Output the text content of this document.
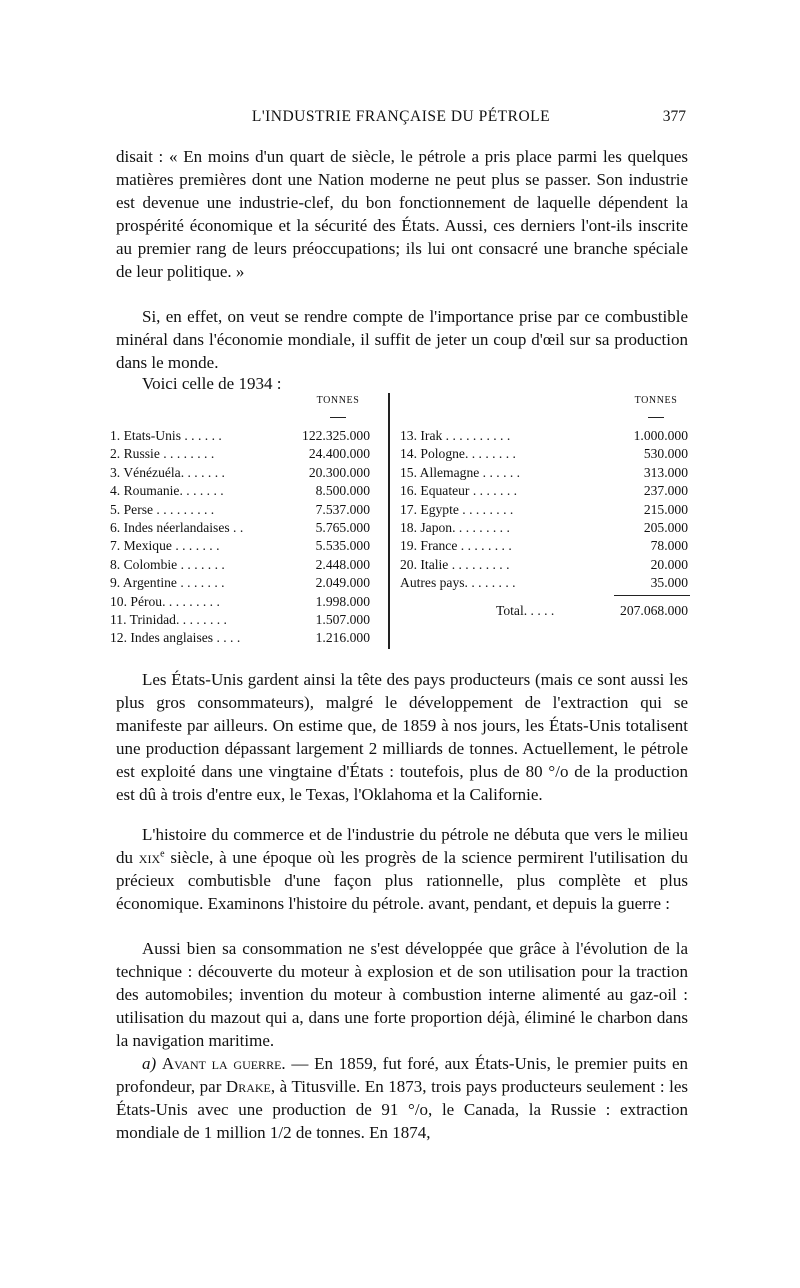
L'INDUSTRIE FRANÇAISE DU PÉTROLE	377

disait : « En moins d'un quart de siècle, le pétrole a pris place parmi les quelques matières premières dont une Nation moderne ne peut plus se passer. Son industrie est devenue une industrie-clef, du bon fonctionnement de laquelle dépendent la prospérité économique et la sécurité des États. Aussi, ces derniers l'ont-ils inscrite au premier rang de leurs préoccupations; ils lui ont consacré une branche spéciale de leur politique. »

Si, en effet, on veut se rendre compte de l'importance prise par ce combustible minéral dans l'économie mondiale, il suffit de jeter un coup d'œil sur sa production dans le monde.

Voici celle de 1934 :

TONNES
1. Etats-Unis . . . . . .	122.325.000
2. Russie . . . . . . . .	24.400.000
3. Vénézuéla. . . . . . .	20.300.000
4. Roumanie. . . . . . .	8.500.000
5. Perse . . . . . . . . .	7.537.000
6. Indes néerlandaises . .	5.765.000
7. Mexique . . . . . . .	5.535.000
8. Colombie . . . . . . .	2.448.000
9. Argentine . . . . . . .	2.049.000
10. Pérou. . . . . . . . .	1.998.000
11. Trinidad. . . . . . . .	1.507.000
12. Indes anglaises . . . .	1.216.000
TONNES
13. Irak . . . . . . . . . .	1.000.000
14. Pologne. . . . . . . .	530.000
15. Allemagne . . . . . .	313.000
16. Equateur . . . . . . .	237.000
17. Egypte . . . . . . . .	215.000
18. Japon. . . . . . . . .	205.000
19. France . . . . . . . .	78.000
20. Italie . . . . . . . . .	20.000
Autres pays. . . . . . . .	35.000
Total. . . . .	207.068.000

Les États-Unis gardent ainsi la tête des pays producteurs (mais ce sont aussi les plus gros consommateurs), malgré le développement de l'extraction qui se manifeste par ailleurs. On estime que, de 1859 à nos jours, les États-Unis totalisent une production dépassant largement 2 milliards de tonnes. Actuellement, le pétrole est exploité dans une vingtaine d'États : toutefois, plus de 80 °/o de la production est dû à trois d'entre eux, le Texas, l'Oklahoma et la Californie.

L'histoire du commerce et de l'industrie du pétrole ne débuta que vers le milieu du xix$^e$ siècle, à une époque où les progrès de la science permirent l'utilisation du précieux combutisble d'une façon plus rationnelle, plus complète et plus économique. Examinons l'histoire du pétrole. avant, pendant, et depuis la guerre :

Aussi bien sa consommation ne s'est développée que grâce à l'évolution de la technique : découverte du moteur à explosion et de son utilisation pour la traction des automobiles; invention du moteur à combustion interne alimenté au gaz-oil : utilisation du mazout qui a, dans une forte proportion déjà, éliminé le charbon dans la navigation maritime.

a) Avant la guerre. — En 1859, fut foré, aux États-Unis, le premier puits en profondeur, par Drake, à Titusville. En 1873, trois pays producteurs seulement : les États-Unis avec une production de 91 °/o, le Canada, la Russie : extraction mondiale de 1 million 1/2 de tonnes. En 1874,
